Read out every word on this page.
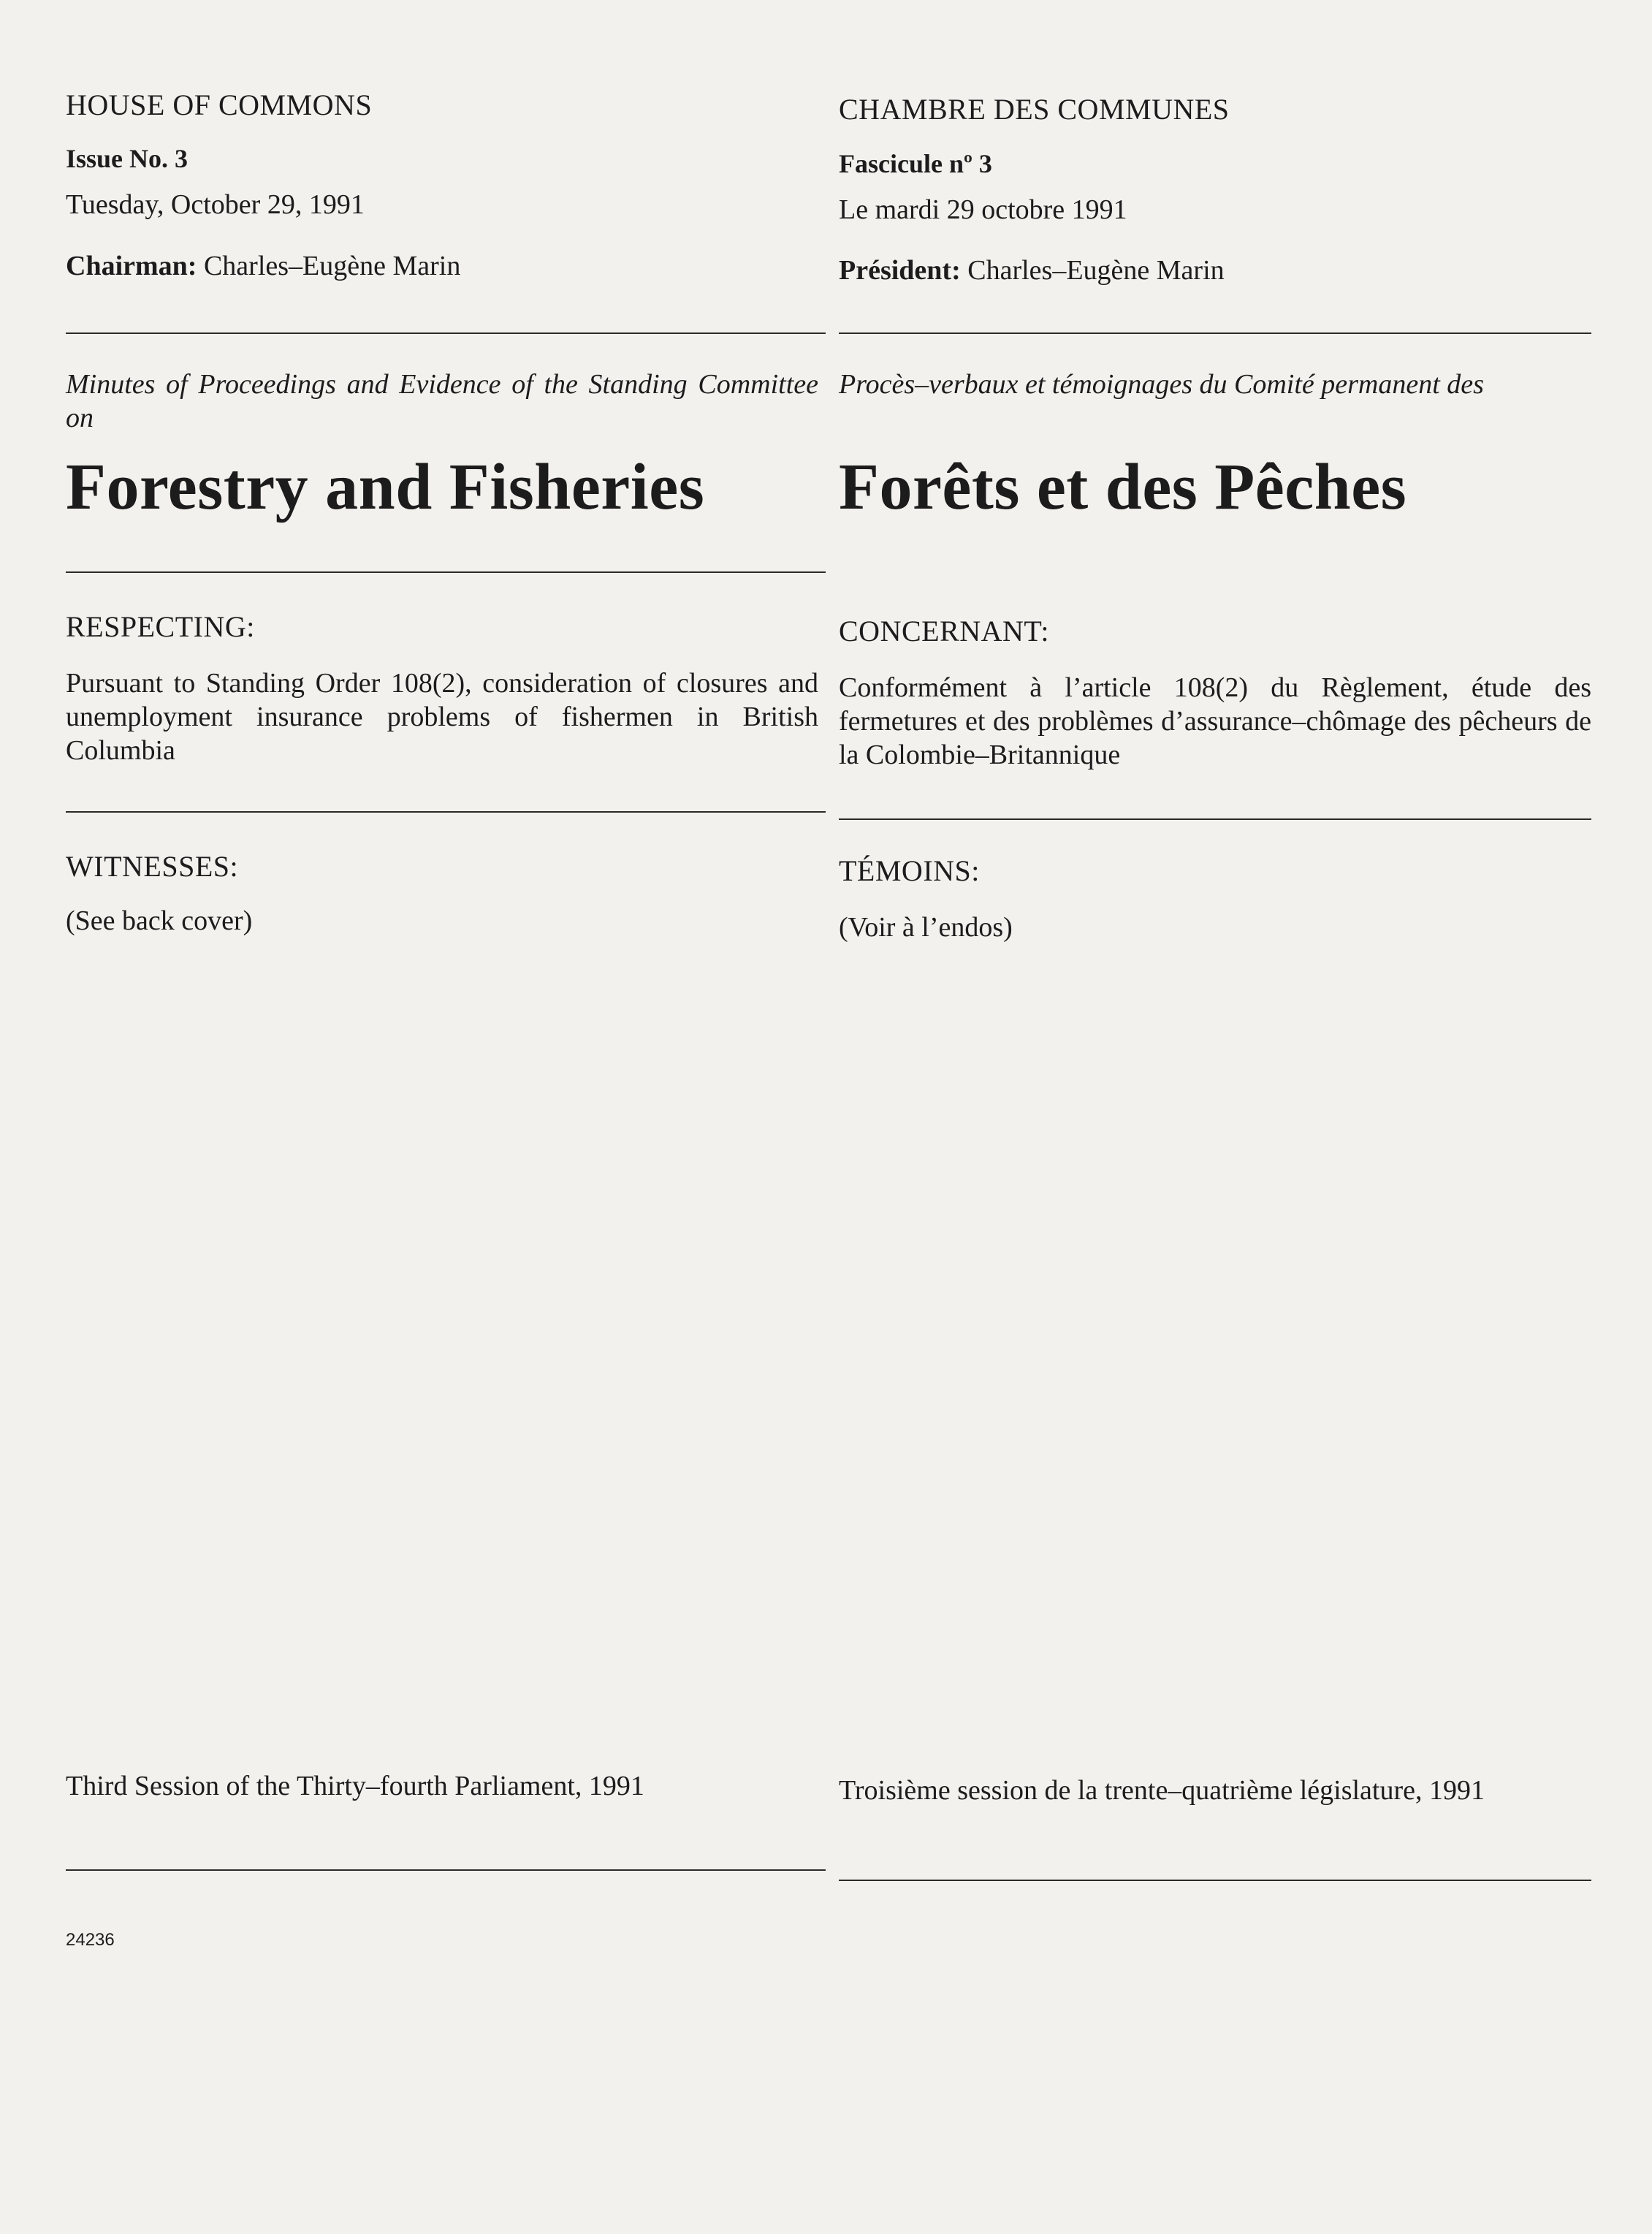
HOUSE OF COMMONS

Issue No. 3

Tuesday, October 29, 1991

Chairman: Charles–Eugène Marin

Minutes of Proceedings and Evidence of the Standing Committee on

Forestry and Fisheries

RESPECTING:

Pursuant to Standing Order 108(2), consideration of closures and unemployment insurance problems of fishermen in British Columbia

WITNESSES:

(See back cover)

Third Session of the Thirty–fourth Parliament, 1991

24236

CHAMBRE DES COMMUNES

Fascicule nº 3

Le mardi 29 octobre 1991

Président: Charles–Eugène Marin

Procès–verbaux et témoignages du Comité permanent des

Forêts et des Pêches

CONCERNANT:

Conformément à l’article 108(2) du Règlement, étude des fermetures et des problèmes d’assurance–chômage des pêcheurs de la Colombie–Britannique

TÉMOINS:

(Voir à l’endos)

Troisième session de la trente–quatrième législature, 1991
